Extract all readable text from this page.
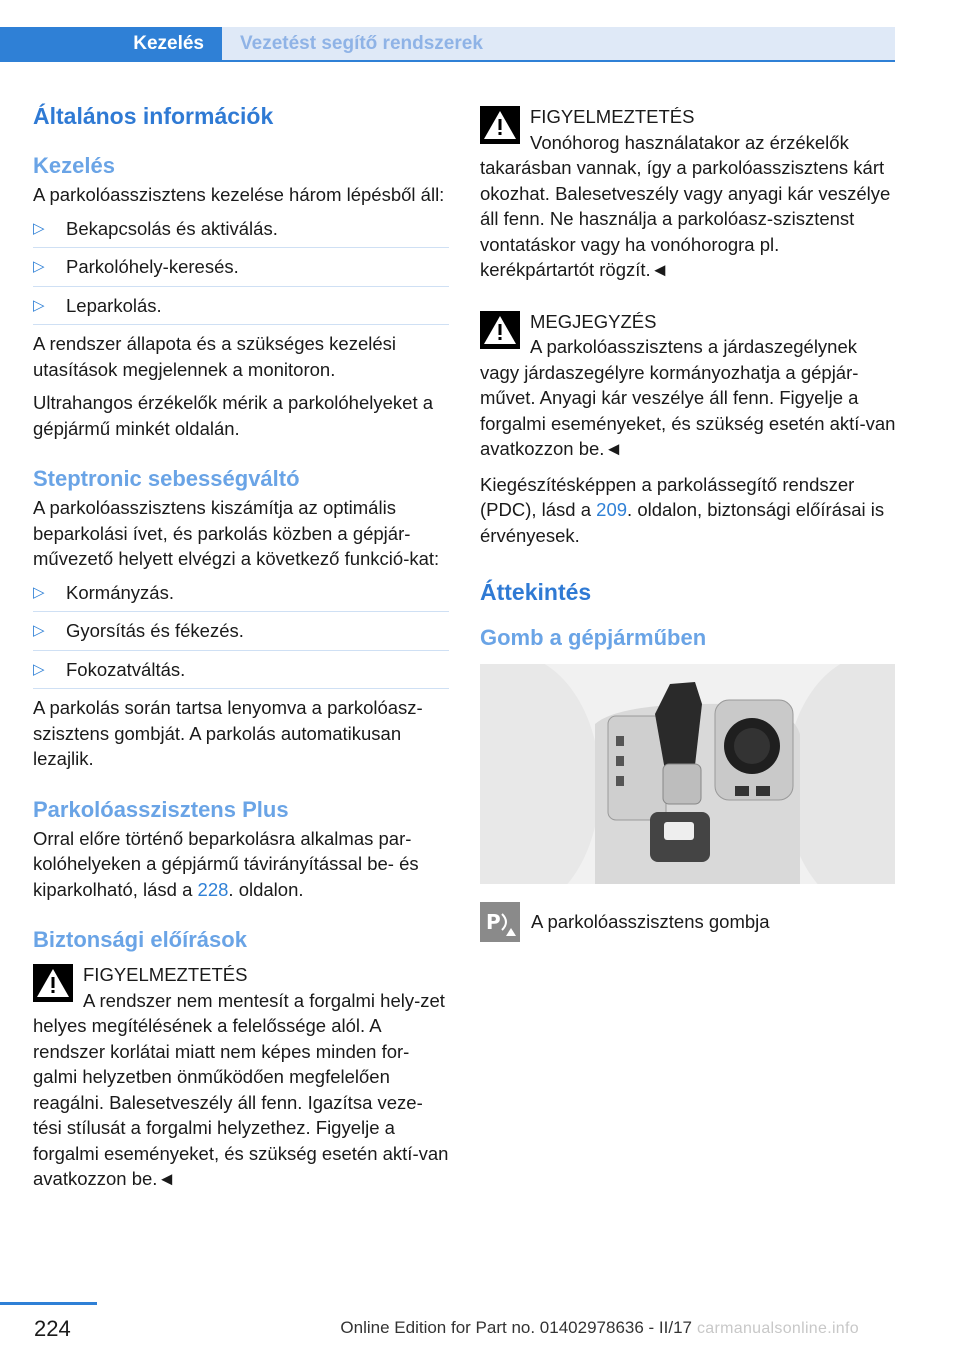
Kezelés	Vezetést segítő rendszerek
Általános információk
Kezelés

A parkolóasszisztens kezelése három lépésből áll:

▷ Bekapcsolás és aktiválás.
▷ Parkolóhely-keresés.
▷ Leparkolás.

A rendszer állapota és a szükséges kezelési utasítások megjelennek a monitoron.

Ultrahangos érzékelők mérik a parkolóhelyeket a gépjármű minkét oldalán.

Steptronic sebességváltó

A parkolóasszisztens kiszámítja az optimális beparkolási ívet, és parkolás közben a gépjár-művezető helyett elvégzi a következő funkció-kat:

▷ Kormányzás.
▷ Gyorsítás és fékezés.
▷ Fokozatváltás.

A parkolás során tartsa lenyomva a parkolóasz-szisztens gombját. A parkolás automatikusan lezajlik.

Parkolóasszisztens Plus

Orral előre történő beparkolásra alkalmas par-kolóhelyeken a gépjármű távirányítással be- és kiparkolható, lásd a 228. oldalon.

Biztonsági előírások
FIGYELMEZTETÉS

A rendszer nem mentesít a forgalmi hely-zet helyes megítélésének a felelőssége alól. A rendszer korlátai miatt nem képes minden for-galmi helyzetben önműködően megfelelően reagálni. Balesetveszély áll fenn. Igazítsa veze-tési stílusát a forgalmi helyzethez. Figyelje a forgalmi eseményeket, és szükség esetén aktí-van avatkozzon be.◄

FIGYELMEZTETÉS

Vonóhorog használatakor az érzékelők takarásban vannak, így a parkolóasszisztens kárt okozhat. Balesetveszély vagy anyagi kár veszélye áll fenn. Ne használja a parkolóasz-szisztenst vontatáskor vagy ha vonóhorogra pl. kerékpártartót rögzít.◄

MEGJEGYZÉS

A parkolóasszisztens a járdaszegélynek vagy járdaszegélyre kormányozhatja a gépjár-művet. Anyagi kár veszélye áll fenn. Figyelje a forgalmi eseményeket, és szükség esetén aktí-van avatkozzon be.◄

Kiegészítésképpen a parkolássegítő rendszer (PDC), lásd a 209. oldalon, biztonsági előírásai is érvényesek.

Áttekintés
Gomb a gépjárműben
P A parkolóasszisztens gombja
224	Online Edition for Part no. 01402978636 - II/17 carmanualsonline.info
